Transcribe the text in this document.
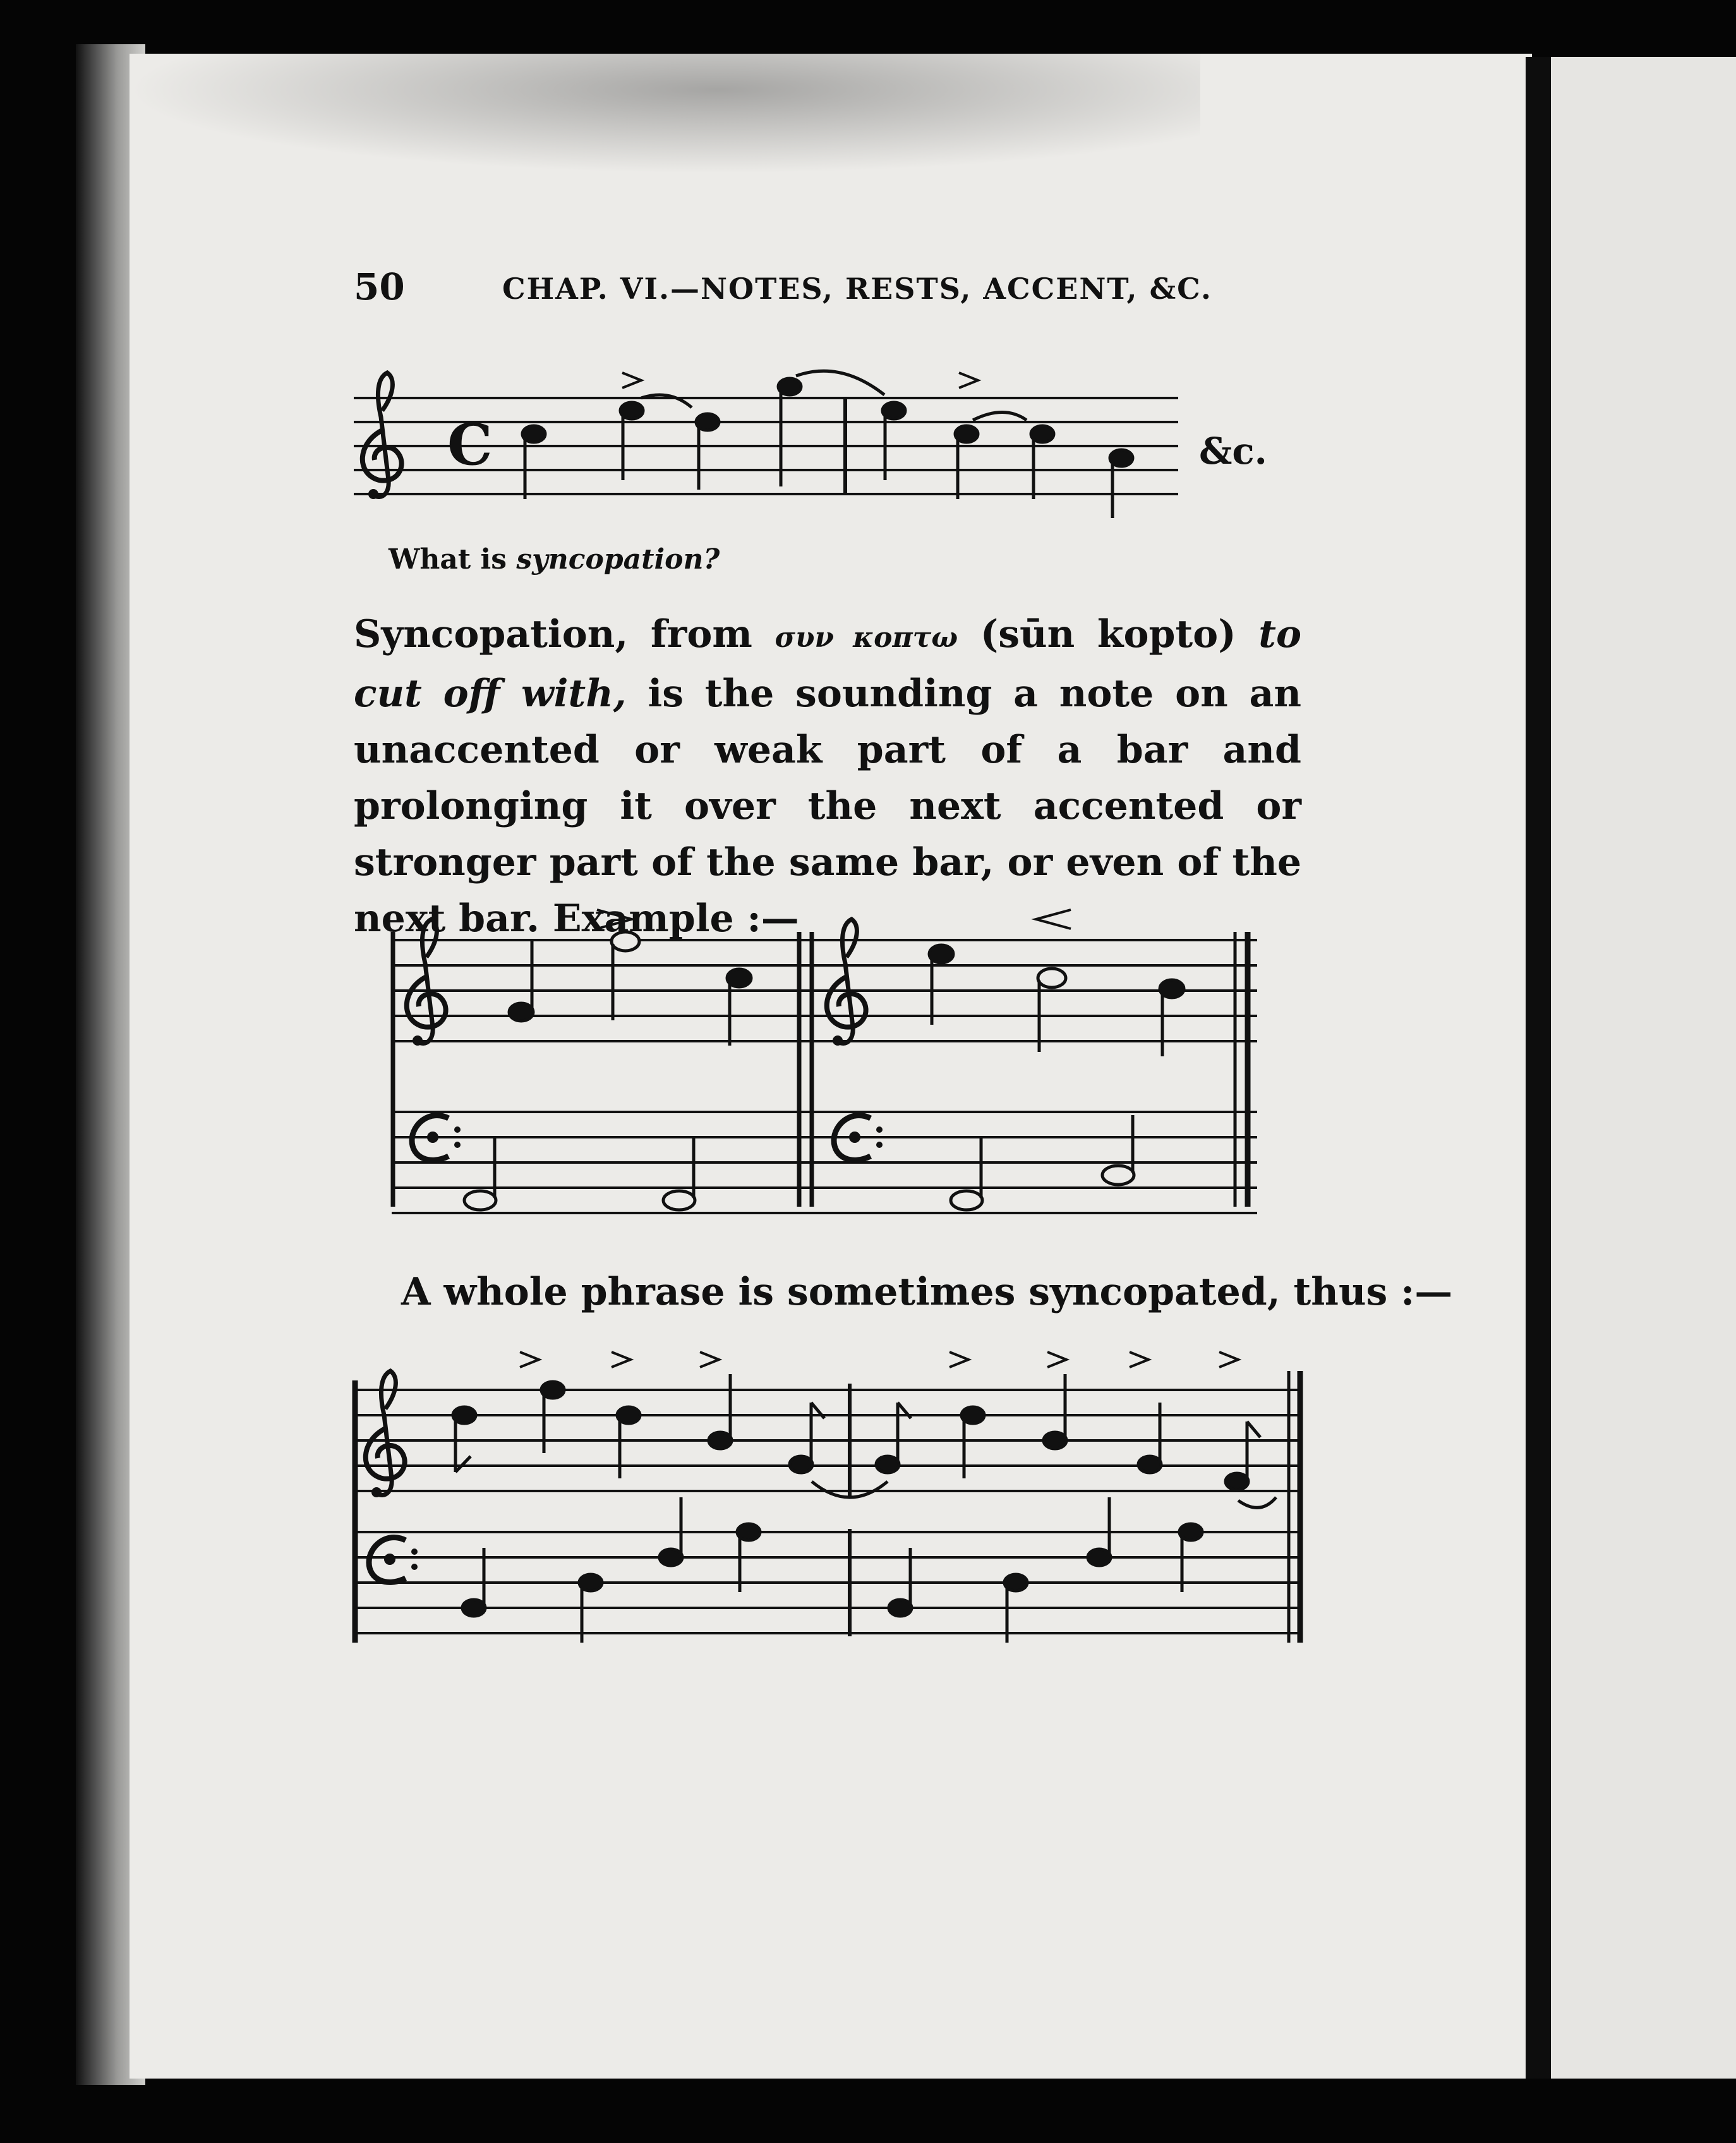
50	CHAP. VI.—NOTES, RESTS, ACCENT, &C.
C	&c.
What is syncopation?
Syncopation, from συν κοπτω (sūn kopto) to cut off with, is the sounding a note on an unaccented or weak part of a bar and prolonging it over the next accented or stronger part of the same bar, or even of the next bar. Example :—
A whole phrase is sometimes syncopated, thus :—
